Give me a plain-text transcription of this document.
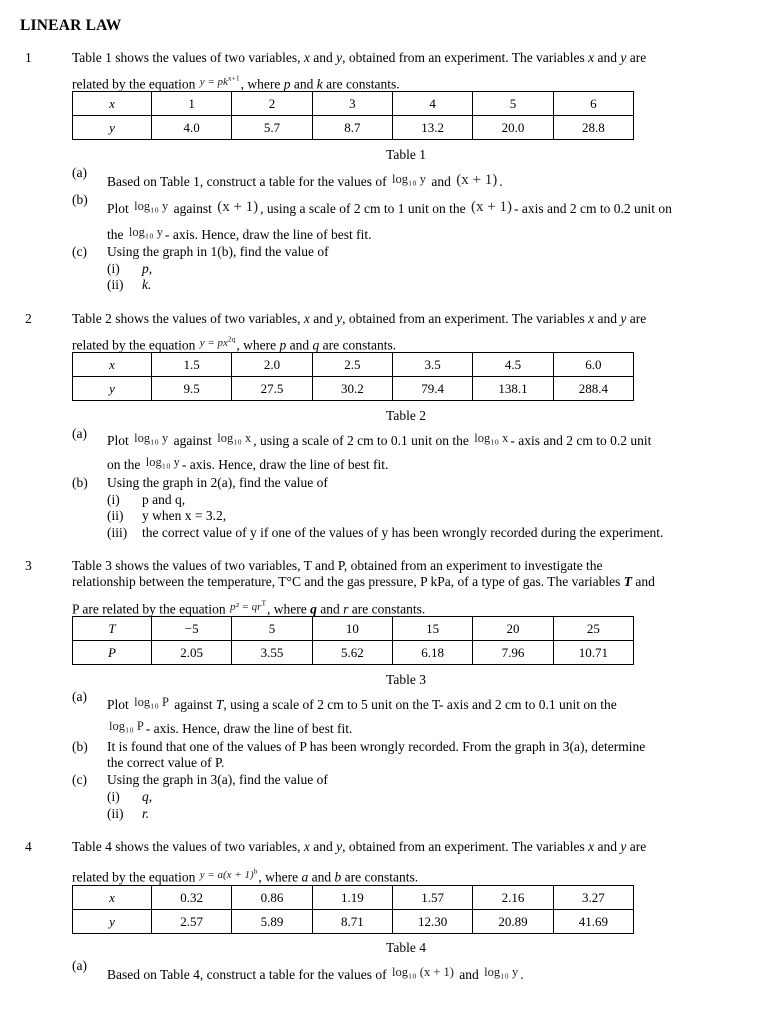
LINEAR LAW
1	Table 1 shows the values of two variables, x and y, obtained from an experiment. The variables x and y are
related by the equation $^{y = pk^{x+1}}$, where p and k are constants.
x	1	2	3	4	5	6
y	4.0	5.7	8.7	13.2	20.0	28.8
Table 1
(a)
Based on Table 1, construct a table for the values of log₁₀ y and (x + 1) .
(b)
Plot log₁₀ y against (x + 1) , using a scale of 2 cm to 1 unit on the (x + 1) - axis and 2 cm to 0.2 unit on
the log₁₀ y - axis. Hence, draw the line of best fit.
(c) Using the graph in 1(b), find the value of
(i) p,
(ii) k.
2	Table 2 shows the values of two variables, x and y, obtained from an experiment. The variables x and y are
related by the equation $^{y = px^{2q}}$, where p and q are constants.
x	1.5	2.0	2.5	3.5	4.5	6.0
y	9.5	27.5	30.2	79.4	138.1	288.4
Table 2
(a) Plot log₁₀ y against log₁₀ x , using a scale of 2 cm to 0.1 unit on the log₁₀ x - axis and 2 cm to 0.2 unit
on the log₁₀ y - axis. Hence, draw the line of best fit.
(b) Using the graph in 2(a), find the value of
(i) p and q,
(ii) y when x = 3.2,
(iii) the correct value of y if one of the values of y has been wrongly recorded during the experiment.
3	Table 3 shows the values of two variables, T and P, obtained from an experiment to investigate the
relationship between the temperature, T°C and the gas pressure, P kPa, of a type of gas. The variables T and
P are related by the equation $^{p^2 = qr^T}$, where q and r are constants.
T	−5	5	10	15	20	25
P	2.05	3.55	5.62	6.18	7.96	10.71
Table 3
(a)
Plot log₁₀ P against T, using a scale of 2 cm to 5 unit on the T- axis and 2 cm to 0.1 unit on the
log₁₀ P - axis. Hence, draw the line of best fit.
(b) It is found that one of the values of P has been wrongly recorded. From the graph in 3(a), determine
the correct value of P.
(c) Using the graph in 3(a), find the value of
(i) q,
(ii) r.
4	Table 4 shows the values of two variables, x and y, obtained from an experiment. The variables x and y are
related by the equation $^{y = a(x + 1)^b}$, where a and b are constants.
x	0.32	0.86	1.19	1.57	2.16	3.27
y	2.57	5.89	8.71	12.30	20.89	41.69
Table 4
(a)
Based on Table 4, construct a table for the values of log₁₀ (x + 1) and log₁₀ y .
